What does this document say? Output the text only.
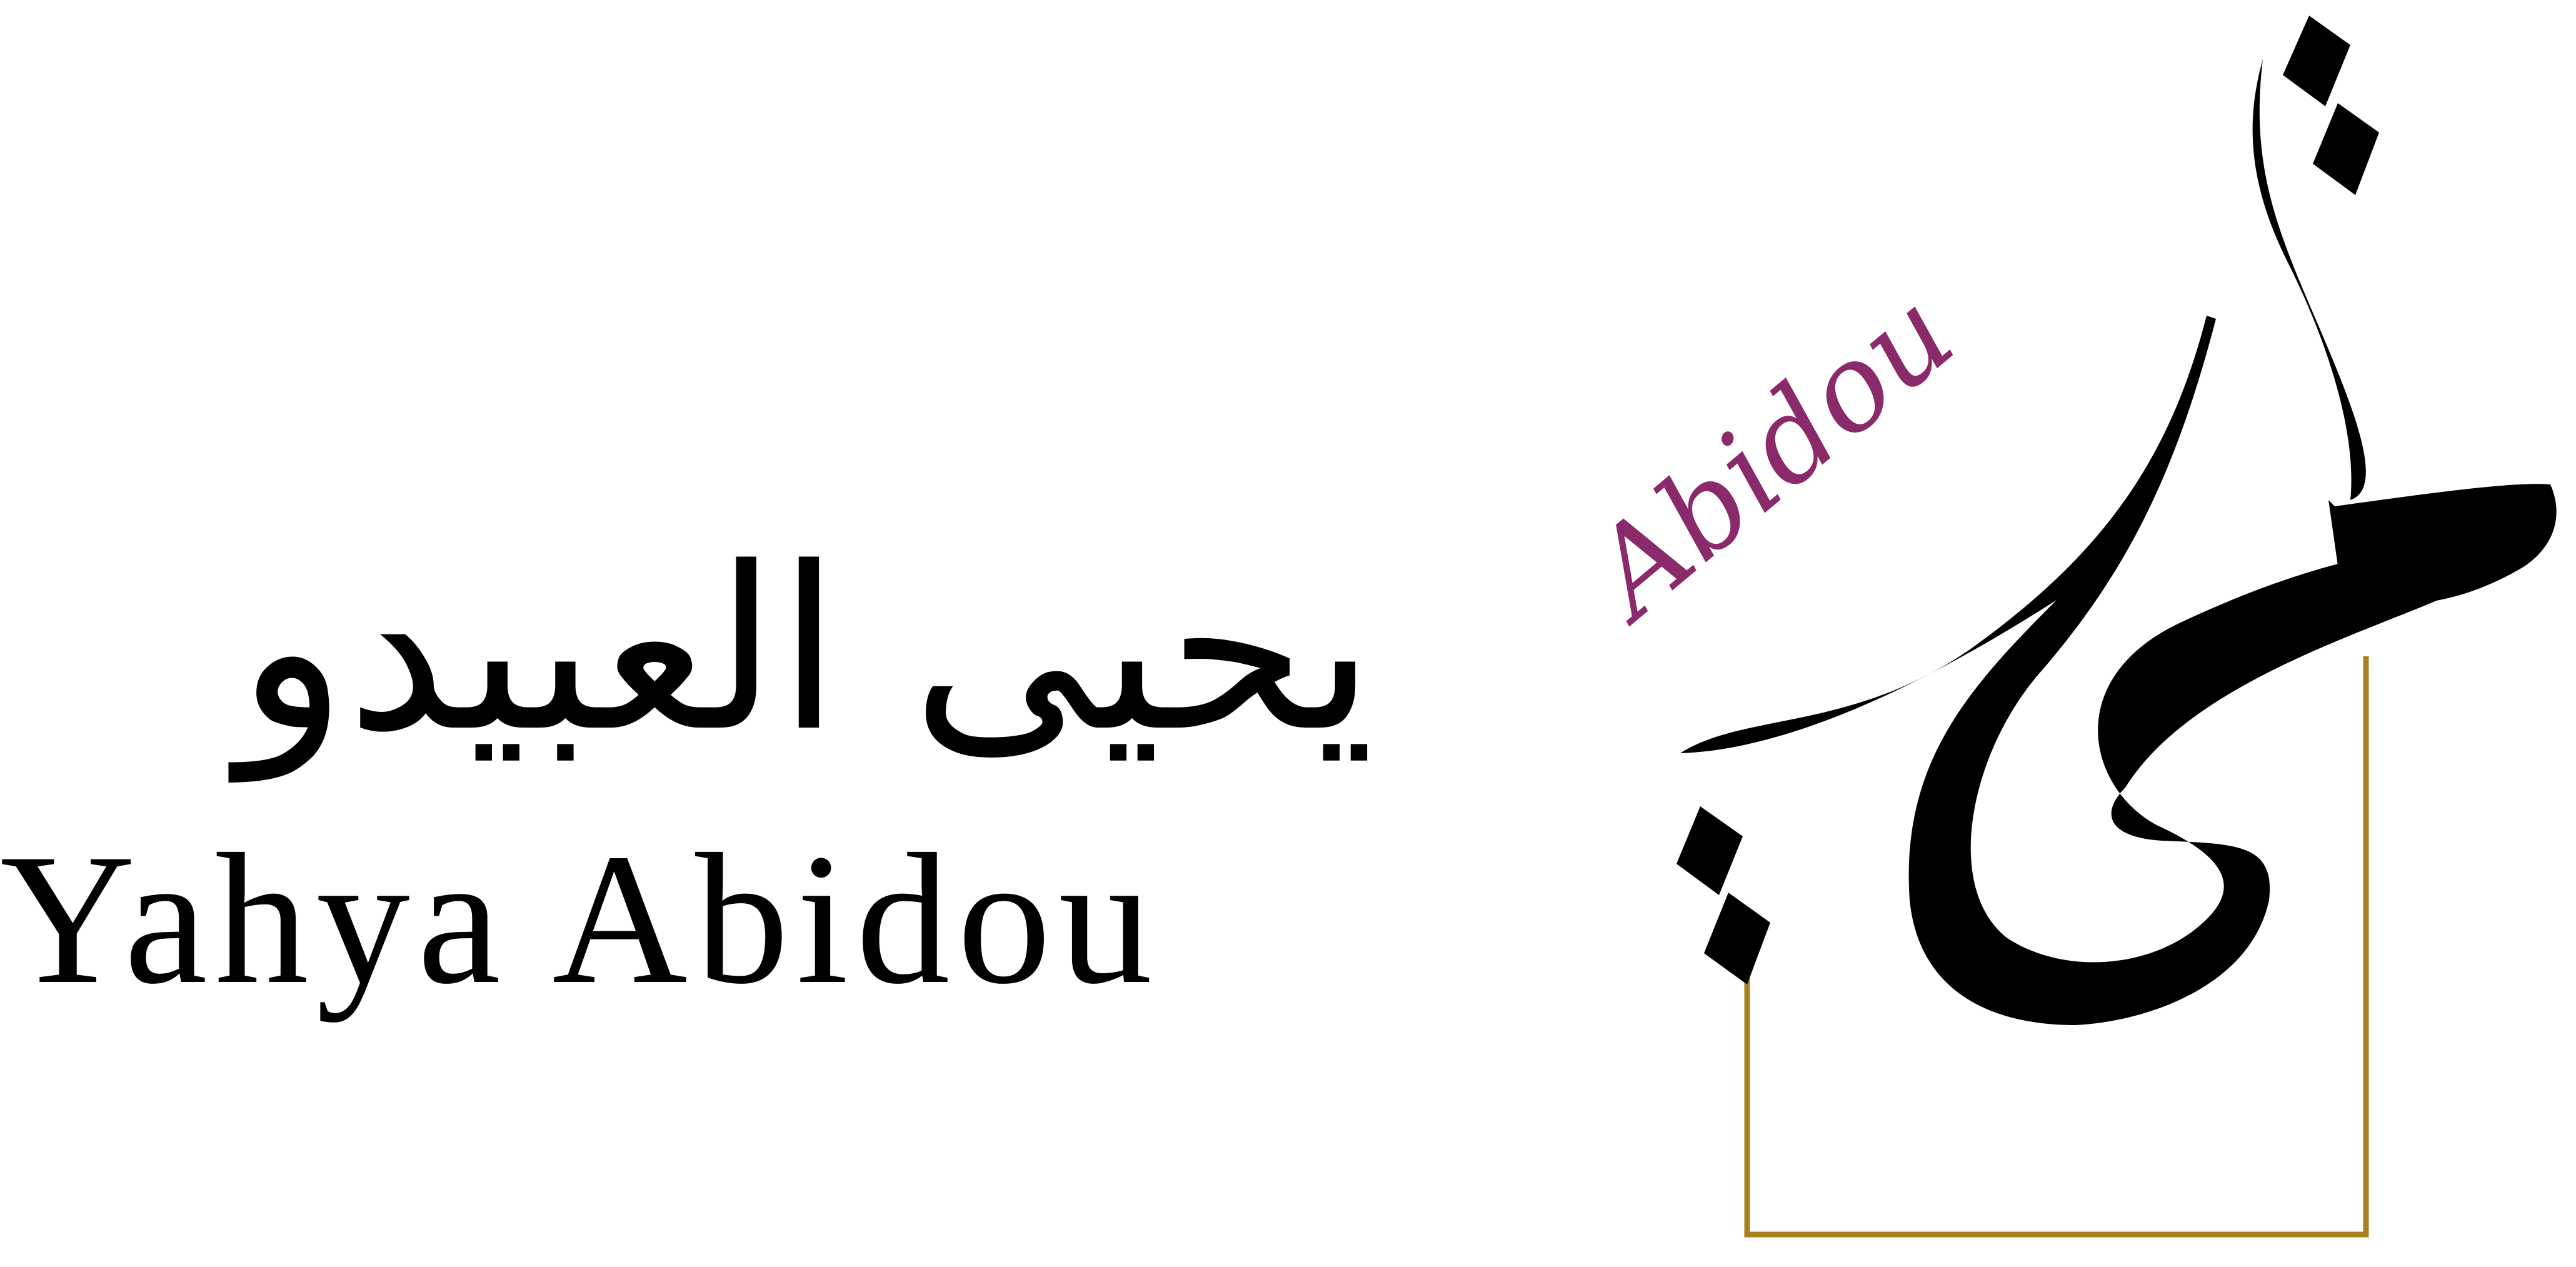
يحيى العبيدو
Yahya Abidou
Abidou
